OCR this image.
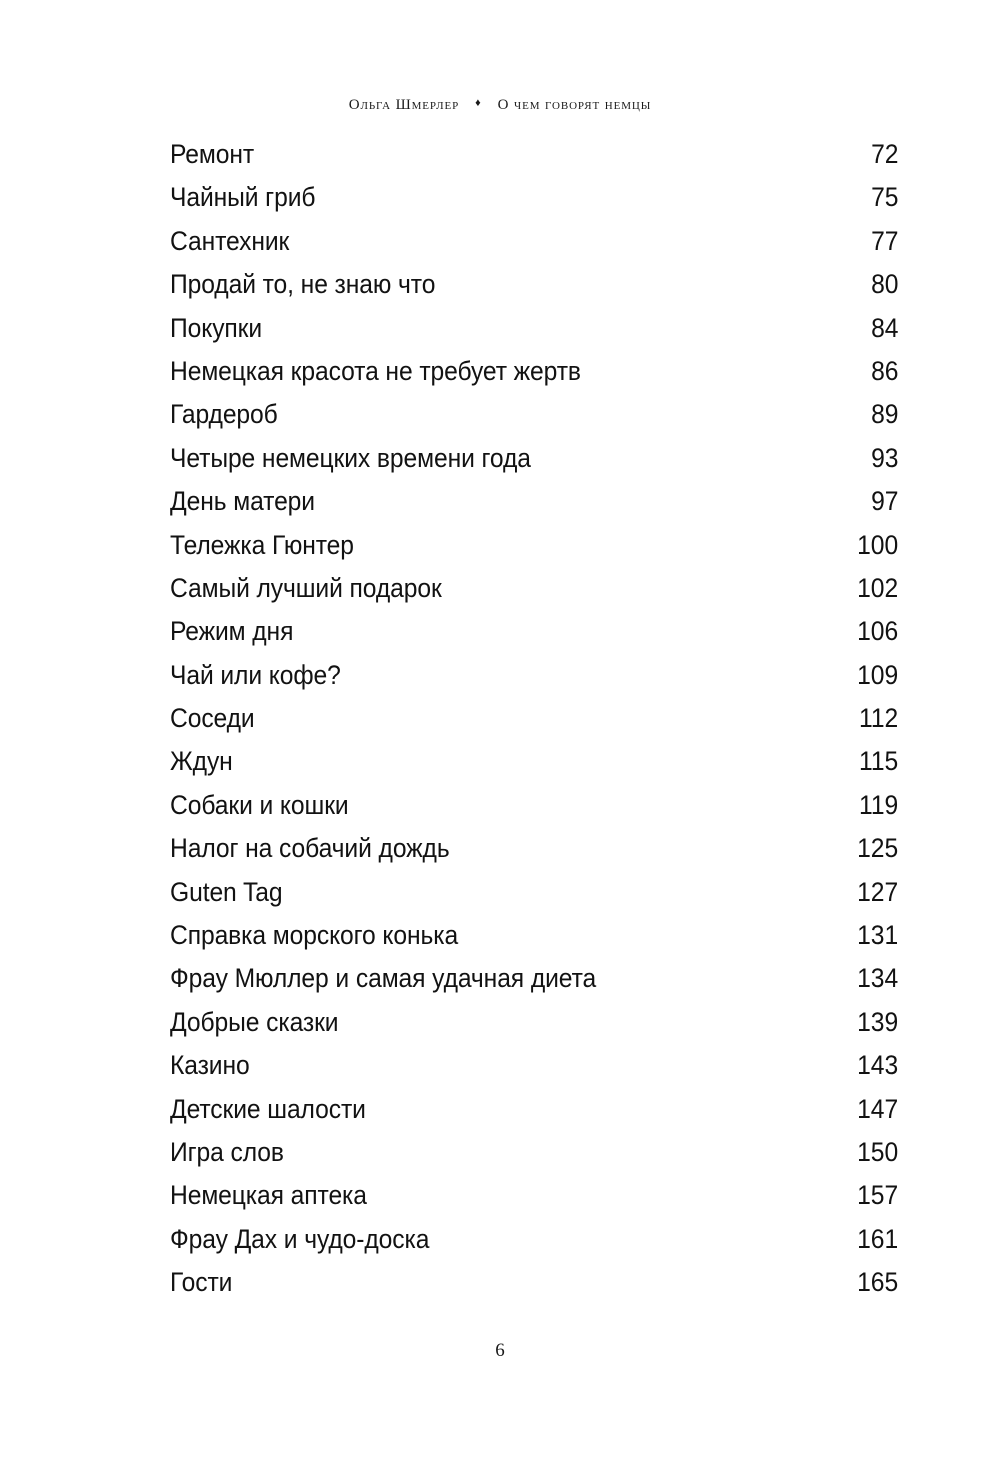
Ольга Шмерлер ♦ О чем говорят немцы
Ремонт	72
Чайный гриб	75
Сантехник	77
Продай то, не знаю что	80
Покупки	84
Немецкая красота не требует жертв	86
Гардероб	89
Четыре немецких времени года	93
День матери	97
Тележка Гюнтер	100
Самый лучший подарок	102
Режим дня	106
Чай или кофе?	109
Соседи	112
Ждун	115
Собаки и кошки	119
Налог на собачий дождь	125
Guten Tag	127
Справка морского конька	131
Фрау Мюллер и самая удачная диета	134
Добрые сказки	139
Казино	143
Детские шалости	147
Игра слов	150
Немецкая аптека	157
Фрау Дах и чудо-доска	161
Гости	165
6
